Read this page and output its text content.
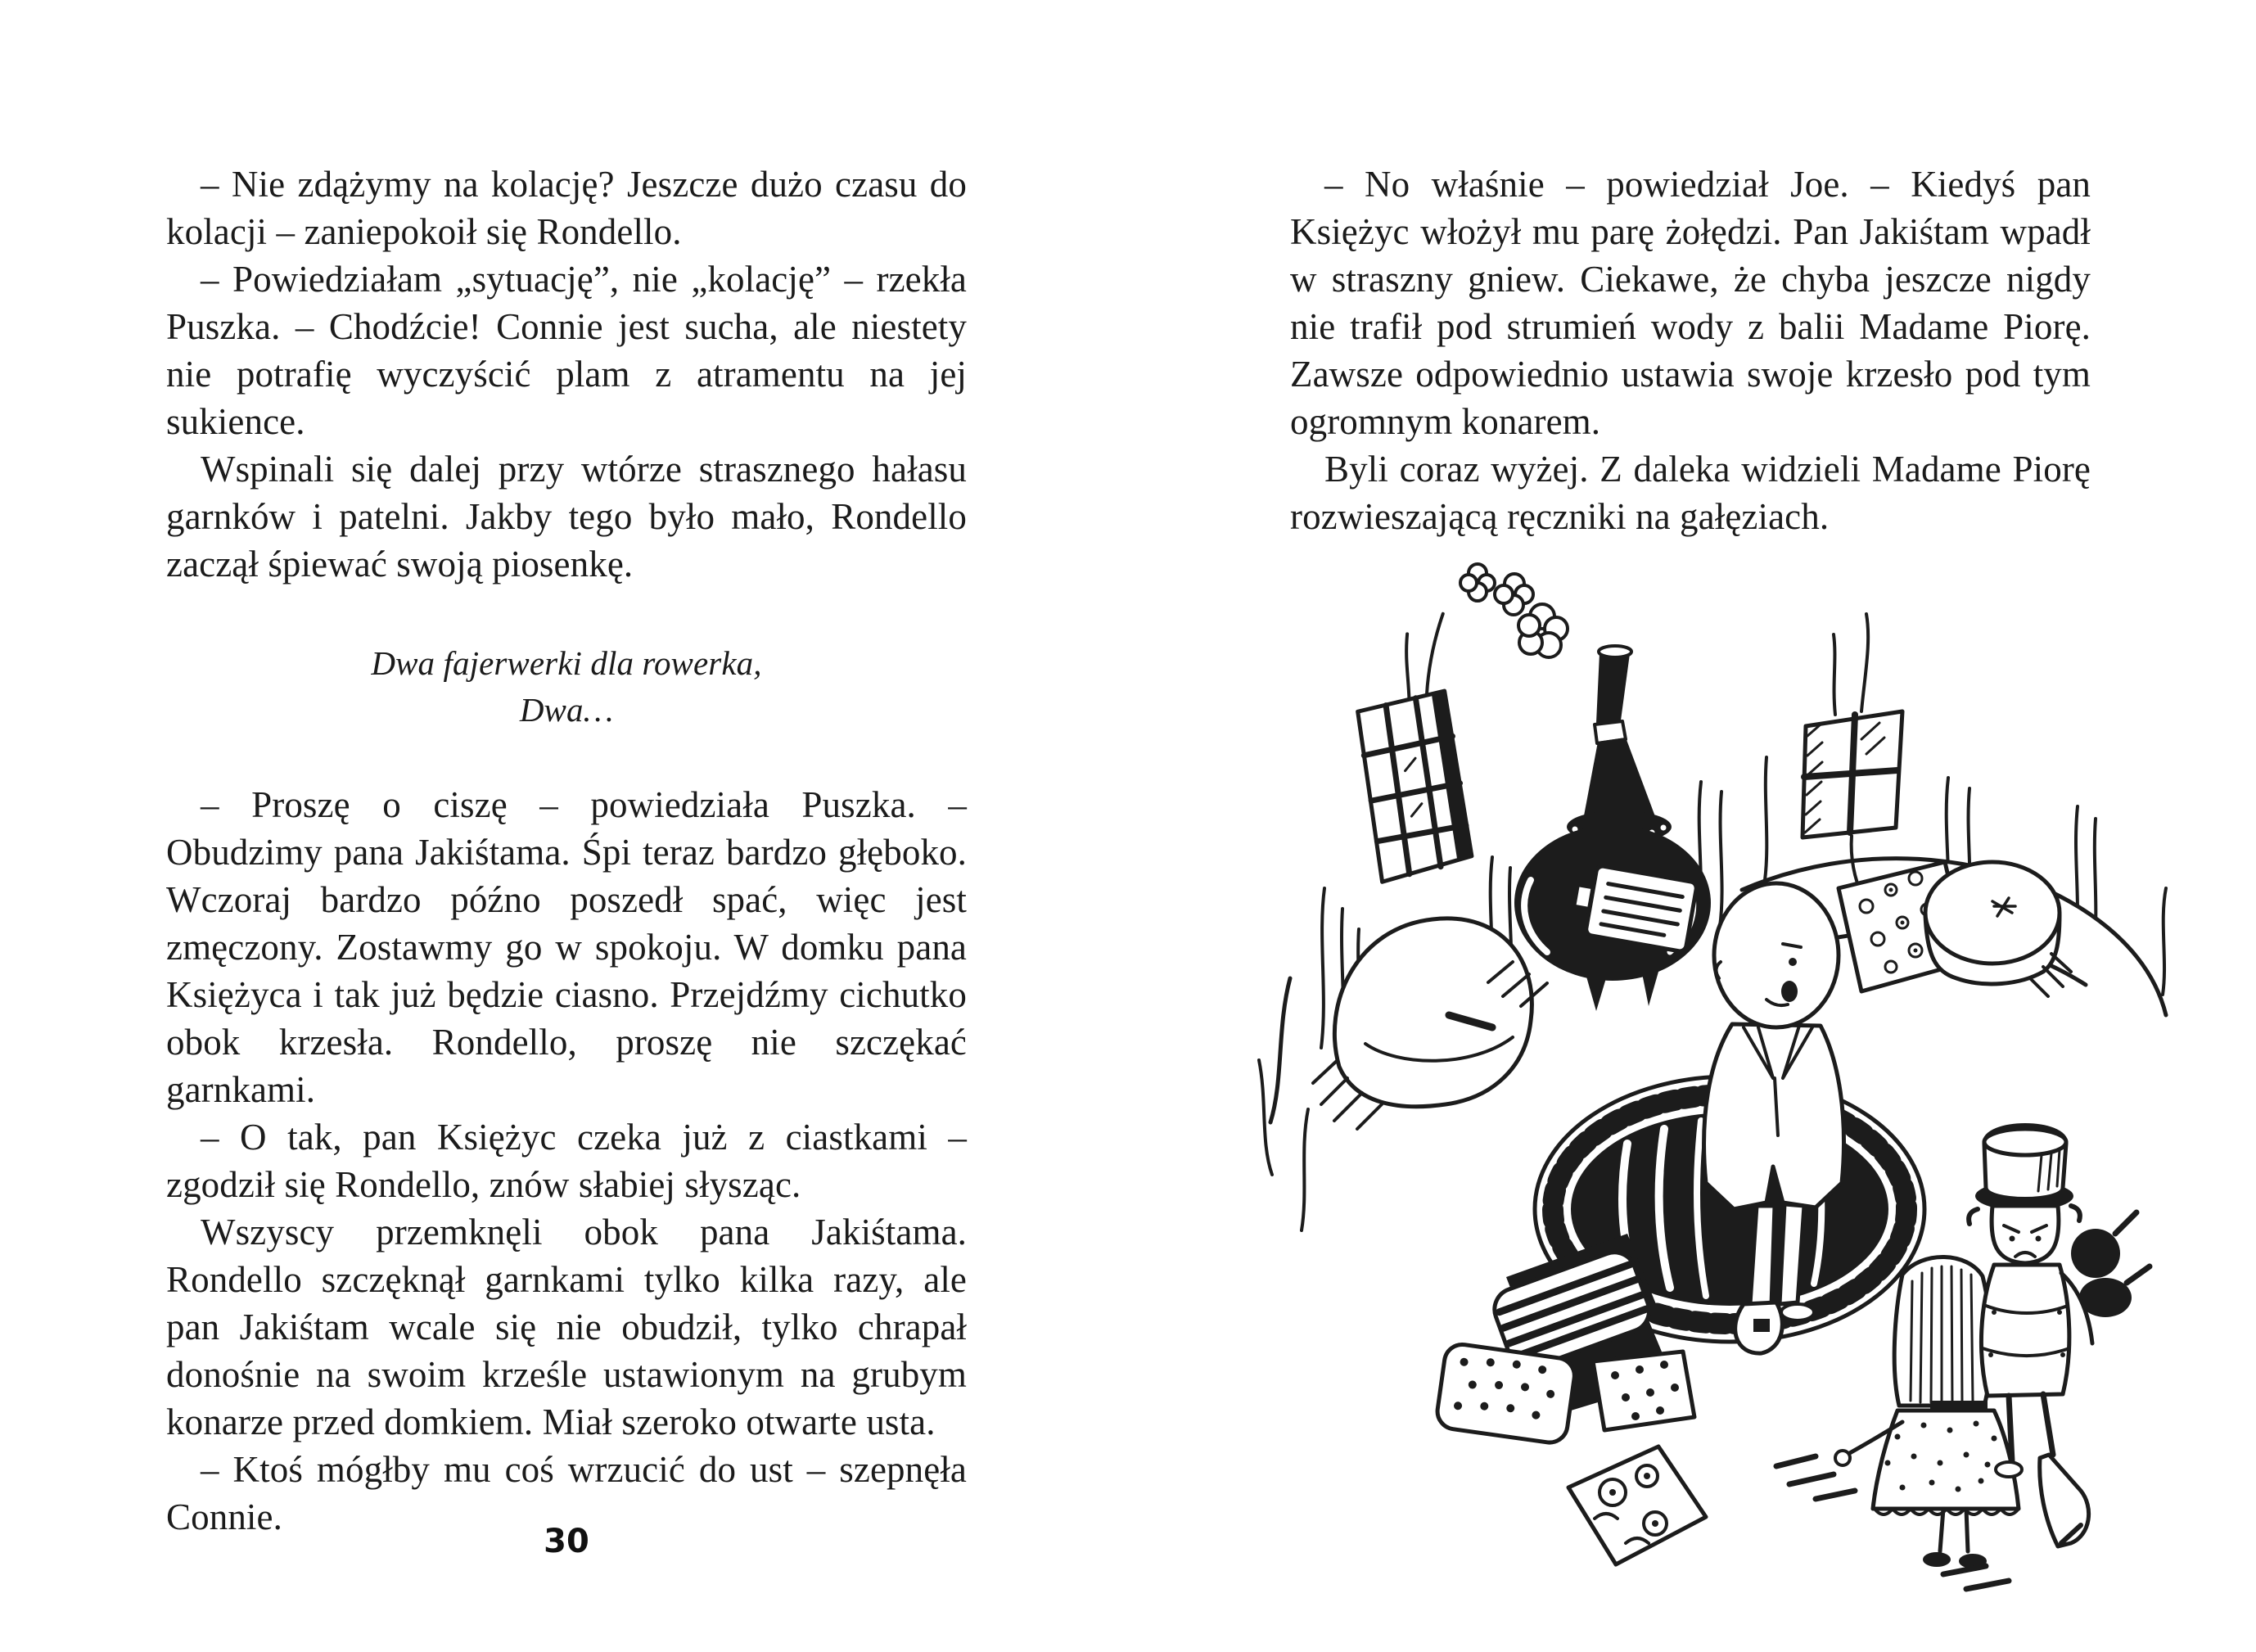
– Nie zdążymy na kolację? Jeszcze dużo czasu do kolacji – zaniepokoił się Rondello.

– Powiedziałam „sytuację”, nie „kolację” – rzekła Puszka. – Chodźcie! Connie jest sucha, ale niestety nie potrafię wyczyścić plam z atramentu na jej sukience.

Wspinali się dalej przy wtórze strasznego hałasu garnków i patelni. Jakby tego było mało, Rondello zaczął śpiewać swoją piosenkę.

Dwa fajerwerki dla rowerka,
Dwa…

– Proszę o ciszę – powiedziała Puszka. – Obudzimy pana Jakiśtama. Śpi teraz bardzo głęboko. Wczoraj bardzo późno poszedł spać, więc jest zmęczony. Zostawmy go w spokoju. W domku pana Księżyca i tak już będzie ciasno. Przejdźmy cichutko obok krzesła. Rondello, proszę nie szczękać garnkami.

– O tak, pan Księżyc czeka już z ciastkami – zgodził się Rondello, znów słabiej słysząc.

Wszyscy przemknęli obok pana Jakiśtama. Rondello szczęknął garnkami tylko kilka razy, ale pan Jakiśtam wcale się nie obudził, tylko chrapał donośnie na swoim krześle ustawionym na grubym konarze przed domkiem. Miał szeroko otwarte usta.

– Ktoś mógłby mu coś wrzucić do ust – szepnęła Connie.

30

– No właśnie – powiedział Joe. – Kiedyś pan Księżyc włożył mu parę żołędzi. Pan Jakiśtam wpadł w straszny gniew. Ciekawe, że chyba jeszcze nigdy nie trafił pod strumień wody z balii Madame Piorę. Zawsze odpowiednio ustawia swoje krzesło pod tym ogromnym konarem.

Byli coraz wyżej. Z daleka widzieli Madame Piorę rozwieszającą ręczniki na gałęziach.
